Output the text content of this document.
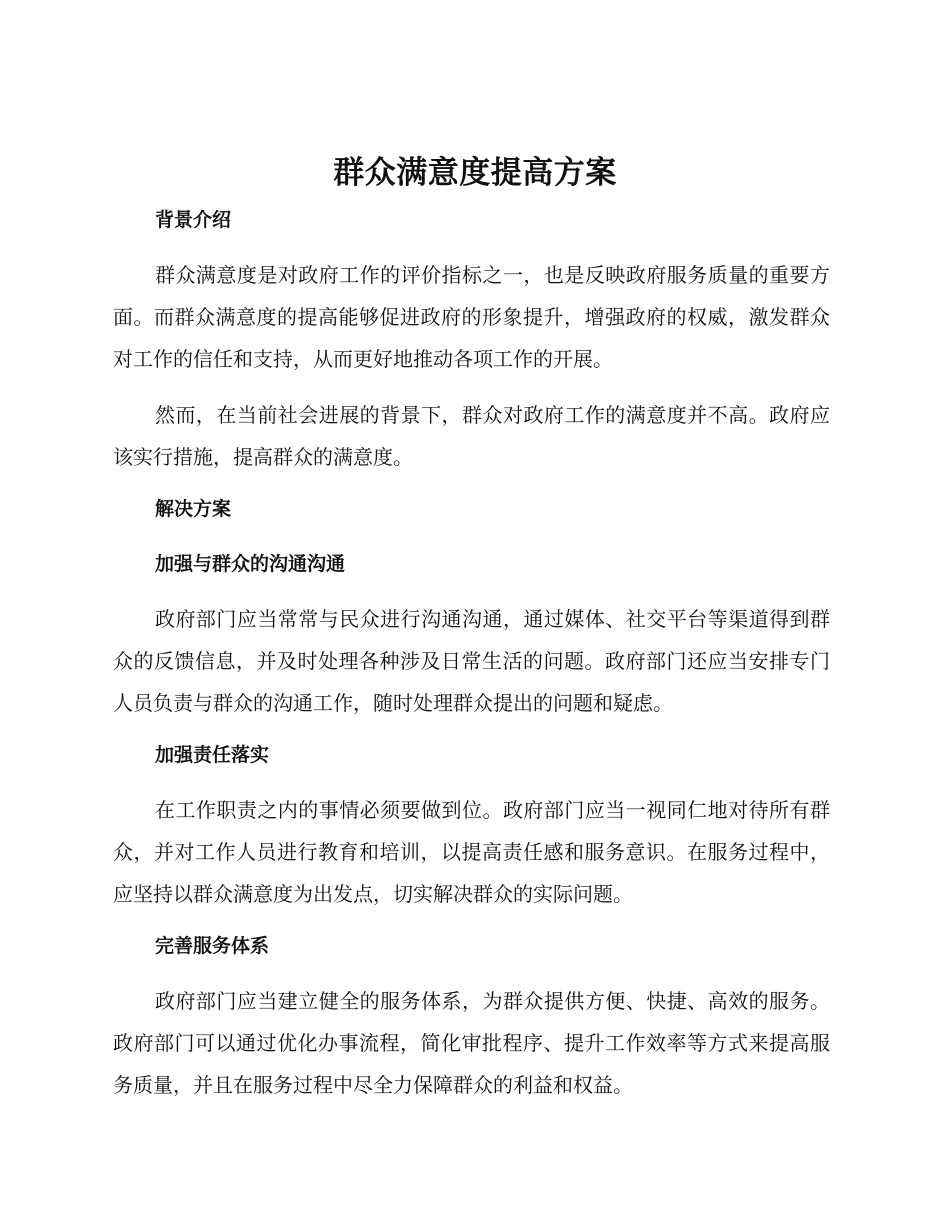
群众满意度提高方案
背景介绍

群众满意度是对政府工作的评价指标之一，也是反映政府服务质量的重要方面。而群众满意度的提高能够促进政府的形象提升，增强政府的权威，激发群众对工作的信任和支持，从而更好地推动各项工作的开展。

然而，在当前社会进展的背景下，群众对政府工作的满意度并不高。政府应该实行措施，提高群众的满意度。

解决方案
加强与群众的沟通沟通

政府部门应当常常与民众进行沟通沟通，通过媒体、社交平台等渠道得到群众的反馈信息，并及时处理各种涉及日常生活的问题。政府部门还应当安排专门人员负责与群众的沟通工作，随时处理群众提出的问题和疑虑。

加强责任落实

在工作职责之内的事情必须要做到位。政府部门应当一视同仁地对待所有群众，并对工作人员进行教育和培训，以提高责任感和服务意识。在服务过程中，应坚持以群众满意度为出发点，切实解决群众的实际问题。

完善服务体系

政府部门应当建立健全的服务体系，为群众提供方便、快捷、高效的服务。政府部门可以通过优化办事流程，简化审批程序、提升工作效率等方式来提高服务质量，并且在服务过程中尽全力保障群众的利益和权益。
